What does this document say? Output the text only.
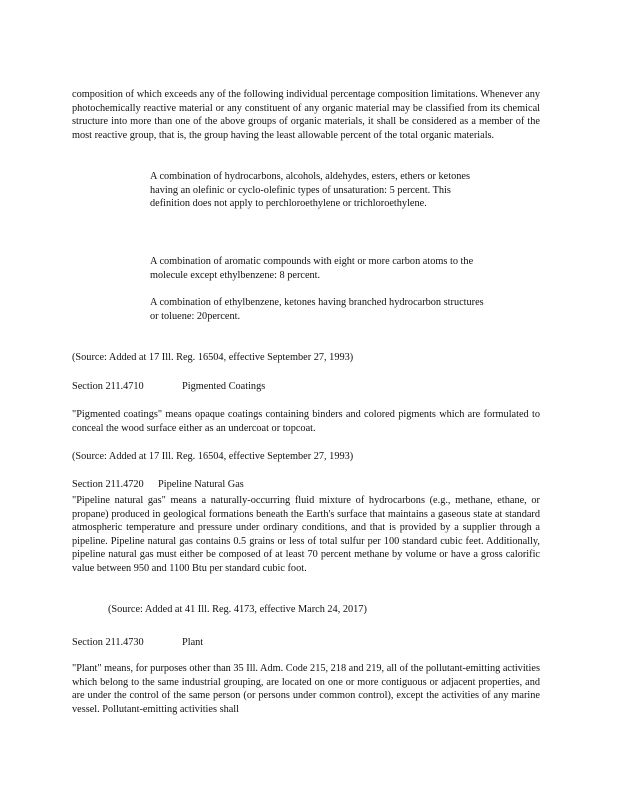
composition of which exceeds any of the following individual percentage composition limitations. Whenever any photochemically reactive material or any constituent of any organic material may be classified from its chemical structure into more than one of the above groups of organic materials, it shall be considered as a member of the most reactive group, that is, the group having the least allowable percent of the total organic materials.

A combination of hydrocarbons, alcohols, aldehydes, esters, ethers or ketones having an olefinic or cyclo-olefinic types of unsaturation: 5 percent. This definition does not apply to perchloroethylene or trichloroethylene.

A combination of aromatic compounds with eight or more carbon atoms to the molecule except ethylbenzene: 8 percent.

A combination of ethylbenzene, ketones having branched hydrocarbon structures or toluene: 20percent.

(Source: Added at 17 Ill. Reg. 16504, effective September 27, 1993)

Section 211.4710	Pigmented Coatings

"Pigmented coatings" means opaque coatings containing binders and colored pigments which are formulated to conceal the wood surface either as an undercoat or topcoat.

(Source: Added at 17 Ill. Reg. 16504, effective September 27, 1993)

Section 211.4720 Pipeline Natural Gas

"Pipeline natural gas" means a naturally-occurring fluid mixture of hydrocarbons (e.g., methane, ethane, or propane) produced in geological formations beneath the Earth's surface that maintains a gaseous state at standard atmospheric temperature and pressure under ordinary conditions, and that is provided by a supplier through a pipeline. Pipeline natural gas contains 0.5 grains or less of total sulfur per 100 standard cubic feet. Additionally, pipeline natural gas must either be composed of at least 70 percent methane by volume or have a gross calorific value between 950 and 1100 Btu per standard cubic foot.

(Source: Added at 41 Ill. Reg. 4173, effective March 24, 2017)

Section 211.4730	Plant

"Plant" means, for purposes other than 35 Ill. Adm. Code 215, 218 and 219, all of the pollutant-emitting activities which belong to the same industrial grouping, are located on one or more contiguous or adjacent properties, and are under the control of the same person (or persons under common control), except the activities of any marine vessel. Pollutant-emitting activities shall
